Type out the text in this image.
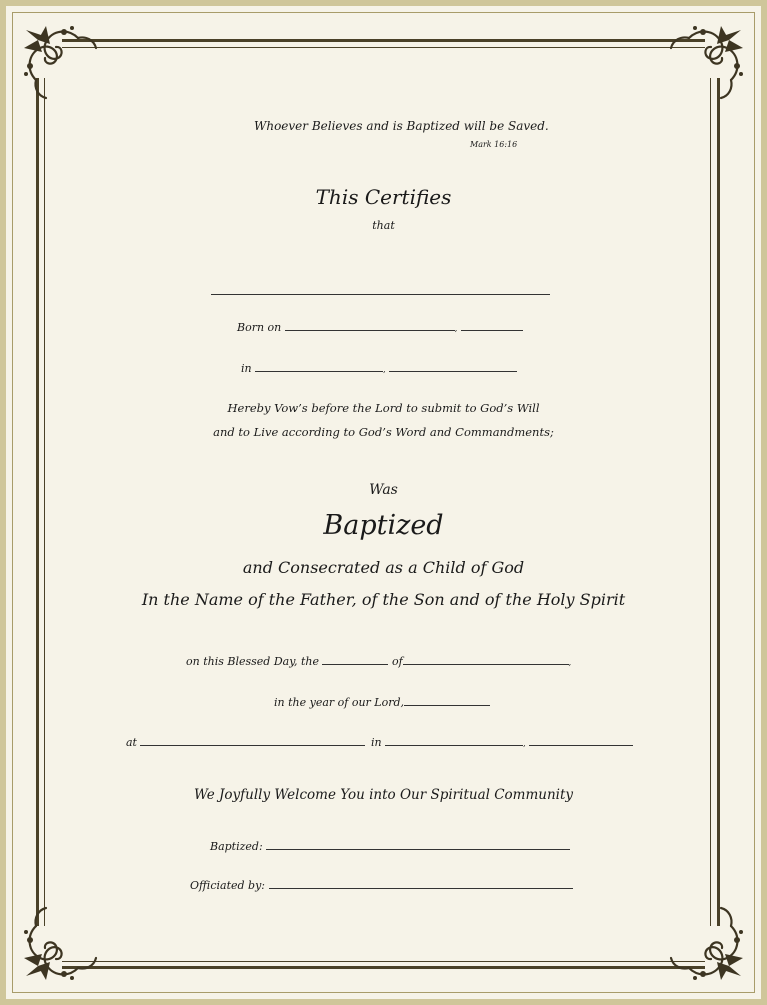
Whoever Believes and is Baptized will be Saved.
Mark 16:16
This Certifies
that
Born on	,
in	,
Hereby Vow’s before the Lord to submit to God’s Will
and to Live according to God’s Word and Commandments;
Was
Baptized
and Consecrated as a Child of God
In the Name of the Father, of the Son and of the Holy Spirit
on this Blessed Day, the	of	,
in the year of our Lord,
at	in	,
We Joyfully Welcome You into Our Spiritual Community
Baptized:
Officiated by:
